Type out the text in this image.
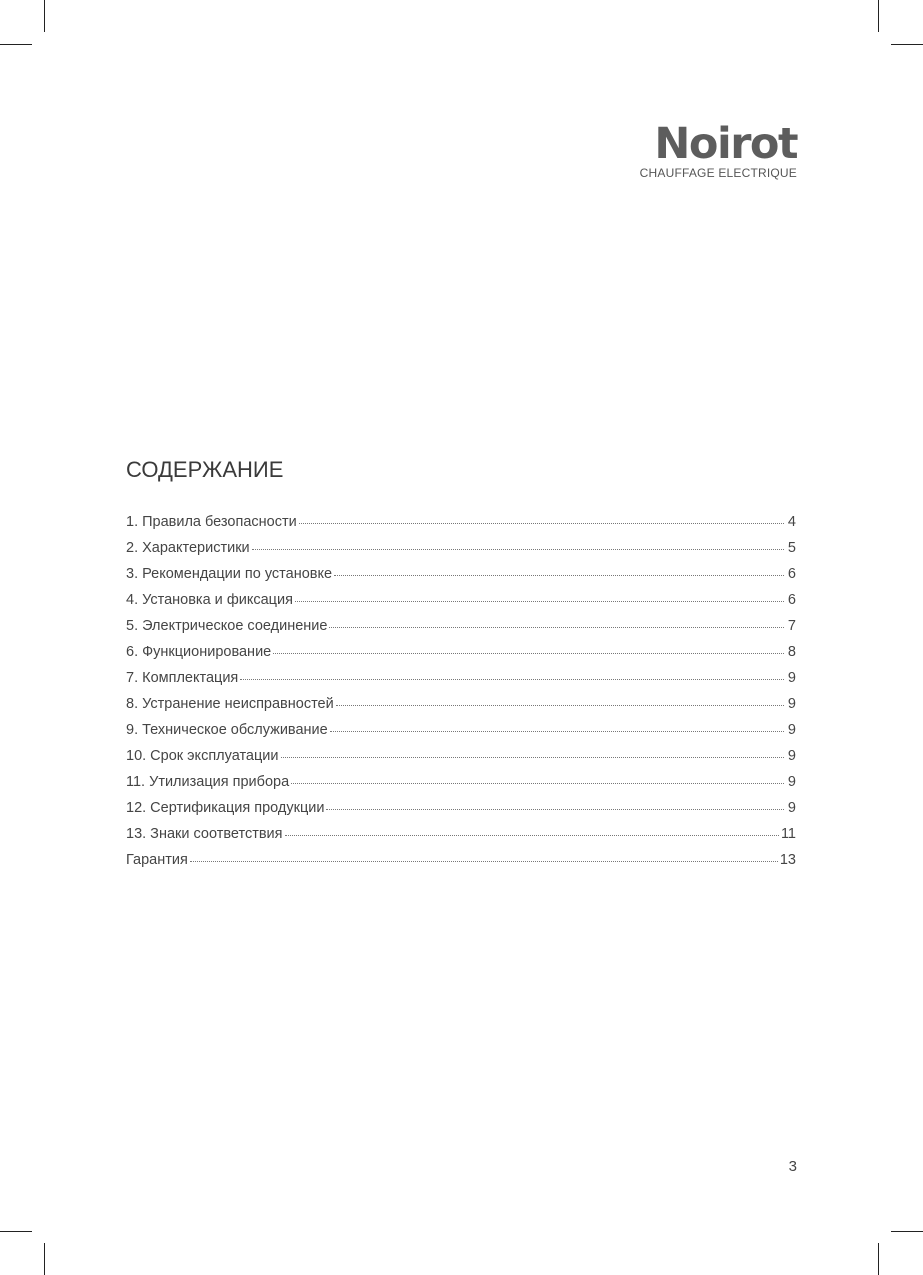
Noirot
CHAUFFAGE ELECTRIQUE
СОДЕРЖАНИЕ
1. Правила безопасности	4
2. Характеристики	5
3. Рекомендации по установке	6
4. Установка и фиксация	6
5. Электрическое соединение	7
6. Функционирование	8
7. Комплектация	9
8. Устранение неисправностей	9
9. Техническое обслуживание	9
10. Срок эксплуатации	9
11. Утилизация прибора	9
12. Сертификация продукции	9
13. Знаки соответствия	11
Гарантия	13
3
